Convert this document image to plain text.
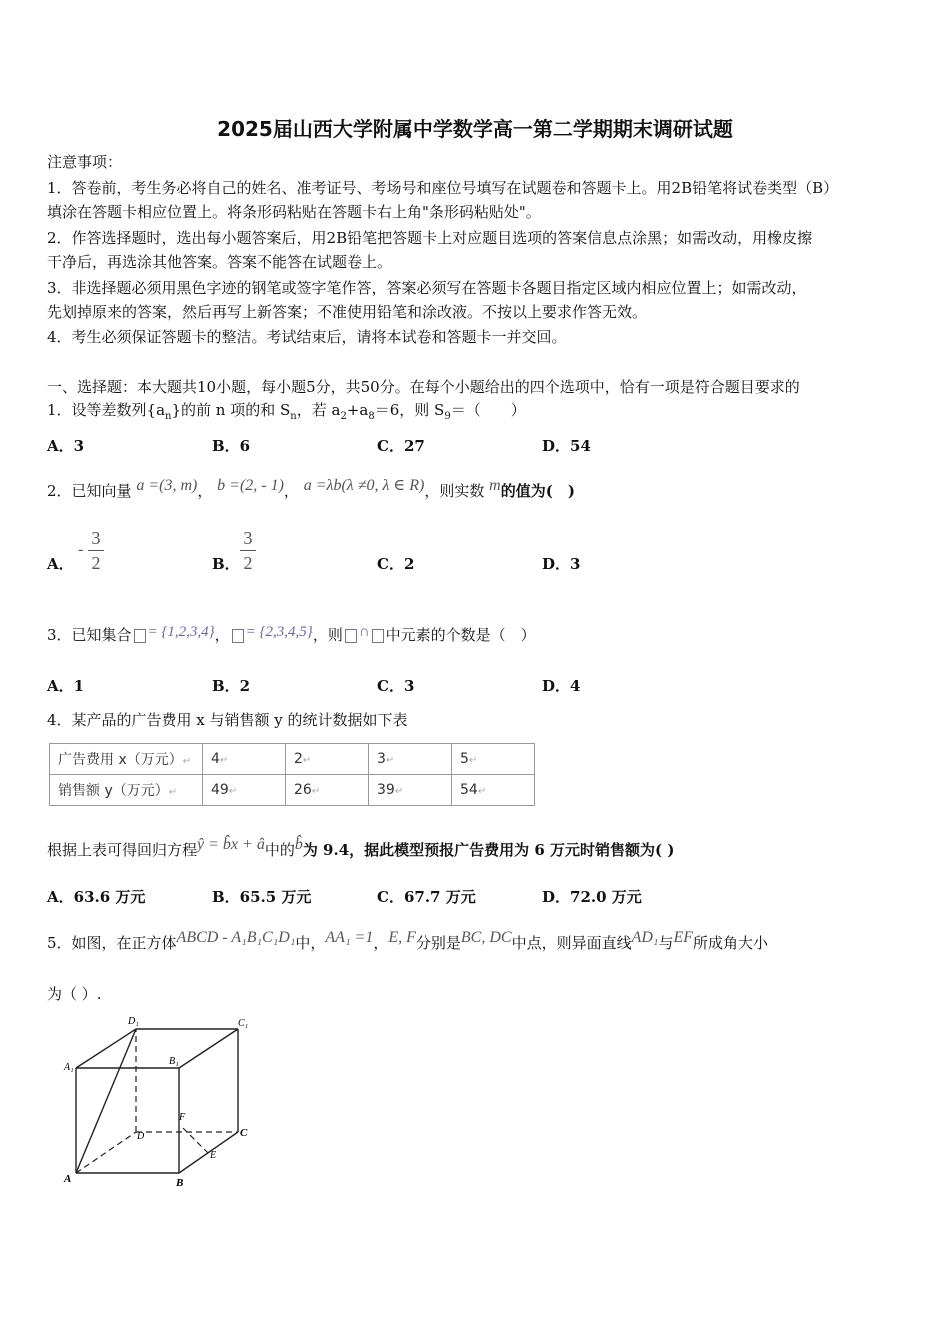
2025届山西大学附属中学数学高一第二学期期末调研试题
注意事项：
1．答卷前，考生务必将自己的姓名、准考证号、考场号和座位号填写在试题卷和答题卡上。用2B铅笔将试卷类型（B）
填涂在答题卡相应位置上。将条形码粘贴在答题卡右上角"条形码粘贴处"。
2．作答选择题时，选出每小题答案后，用2B铅笔把答题卡上对应题目选项的答案信息点涂黑；如需改动，用橡皮擦
干净后，再选涂其他答案。答案不能答在试题卷上。
3．非选择题必须用黑色字迹的钢笔或签字笔作答，答案必须写在答题卡各题目指定区域内相应位置上；如需改动，
先划掉原来的答案，然后再写上新答案；不准使用铅笔和涂改液。不按以上要求作答无效。
4．考生必须保证答题卡的整洁。考试结束后，请将本试卷和答题卡一并交回。
一、选择题：本大题共10小题，每小题5分，共50分。在每个小题给出的四个选项中，恰有一项是符合题目要求的
1．设等差数列$\{a_n\}$的前 n 项的和 $S_n$，若 $a_2+a_8=6$，则 $S_9=$（　　）
A．3	B．6	C．27	D．54
2．已知向量 a =(3, m)， b =(2, - 1)， a =λb(λ ≠0, λ ∈ R)，则实数 m的值为(　)
A．
-
3
2	B．
3
2	C．2	D．3
3．已知集合 = {1,2,3,4}， = {2,3,4,5}，则 ∩ 中元素的个数是（　）
A．1	B．2	C．3	D．4
4．某产品的广告费用 x 与销售额 y 的统计数据如下表
广告费用 x（万元）↵	4↵	2↵	3↵	5↵
销售额 y（万元）↵	49↵	26↵	39↵	54↵
根据上表可得回归方程ŷ = b̂x + â中的b̂为 9.4，据此模型预报广告费用为 6 万元时销售额为( )
A．63.6 万元	B．65.5 万元	C．67.7 万元	D．72.0 万元
5．如图，在正方体ABCD - A₁B₁C₁D₁中，AA₁ =1，E, F分别是BC, DC中点，则异面直线AD₁与EF所成角大小
为（ ）.
D₁	C₁
A₁
B₁
F
D	C
E
A	B
